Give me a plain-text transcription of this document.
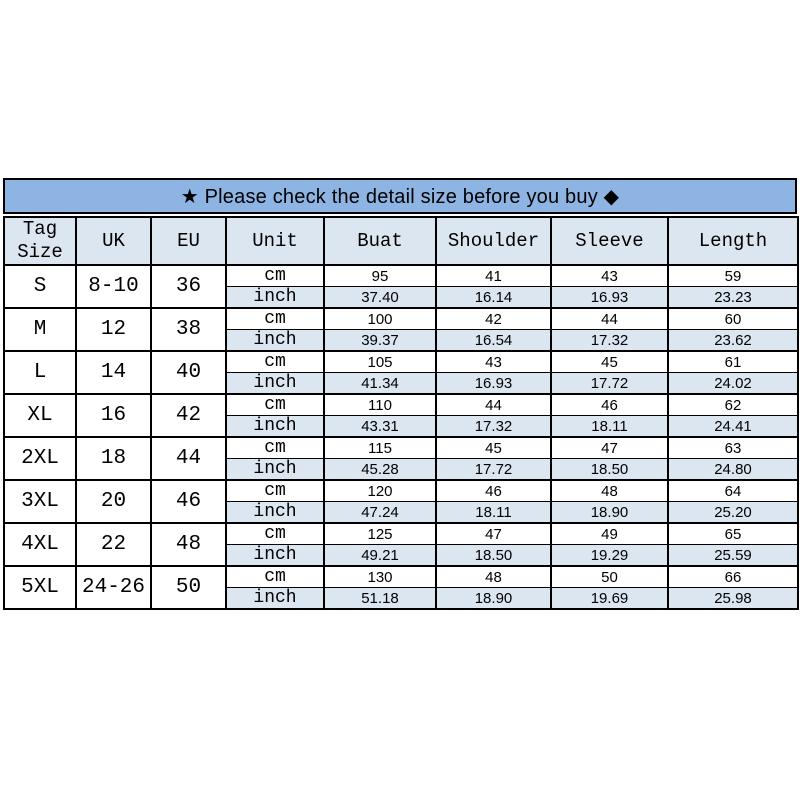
★ Please check the detail size before you buy ◆
Tag Size	UK	EU	Unit	Buat	Shoulder	Sleeve	Length
S	8-10	36	cm	95	41	43	59
			inch	37.40	16.14	16.93	23.23
M	12	38	cm	100	42	44	60
			inch	39.37	16.54	17.32	23.62
L	14	40	cm	105	43	45	61
			inch	41.34	16.93	17.72	24.02
XL	16	42	cm	110	44	46	62
			inch	43.31	17.32	18.11	24.41
2XL	18	44	cm	115	45	47	63
			inch	45.28	17.72	18.50	24.80
3XL	20	46	cm	120	46	48	64
			inch	47.24	18.11	18.90	25.20
4XL	22	48	cm	125	47	49	65
			inch	49.21	18.50	19.29	25.59
5XL	24-26	50	cm	130	48	50	66
			inch	51.18	18.90	19.69	25.98
